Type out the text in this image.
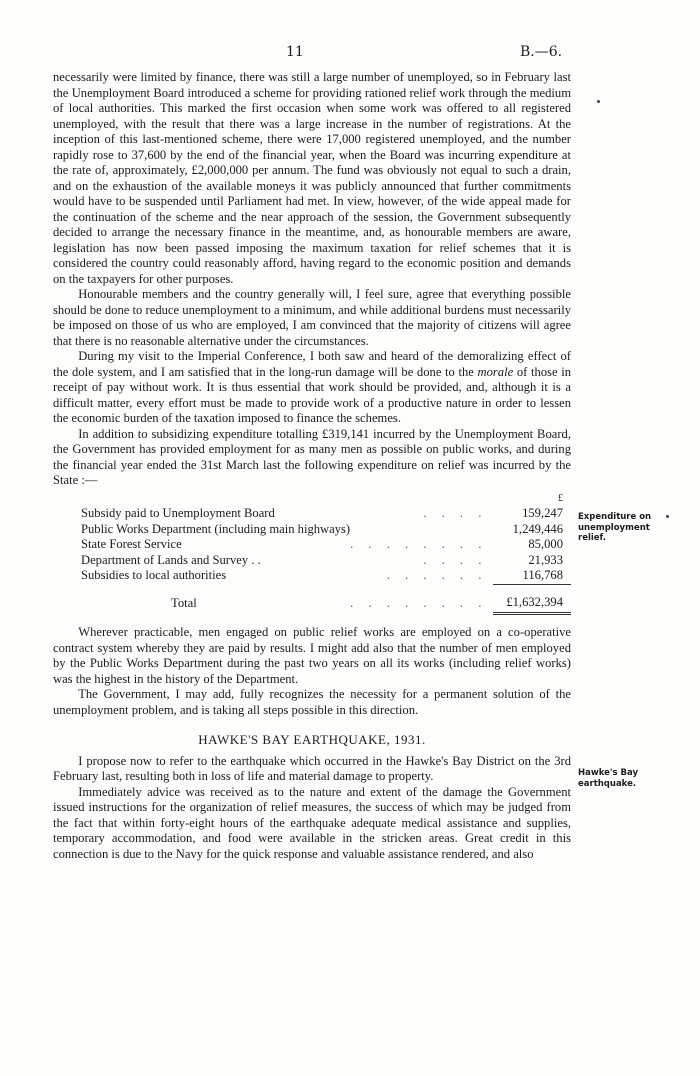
11	B.—6.

necessarily were limited by finance, there was still a large number of unemployed, so in February last the Unemployment Board introduced a scheme for providing rationed relief work through the medium of local authorities. This marked the first occasion when some work was offered to all registered unemployed, with the result that there was a large increase in the number of registrations. At the inception of this last-mentioned scheme, there were 17,000 registered unemployed, and the number rapidly rose to 37,600 by the end of the financial year, when the Board was incurring expenditure at the rate of, approximately, £2,000,000 per annum. The fund was obviously not equal to such a drain, and on the exhaustion of the available moneys it was publicly announced that further commitments would have to be suspended until Parliament had met. In view, however, of the wide appeal made for the continuation of the scheme and the near approach of the session, the Government subsequently decided to arrange the necessary finance in the meantime, and, as honourable members are aware, legislation has now been passed imposing the maximum taxation for relief schemes that it is considered the country could reasonably afford, having regard to the economic position and demands on the taxpayers for other purposes.

Honourable members and the country generally will, I feel sure, agree that everything possible should be done to reduce unemployment to a minimum, and while additional burdens must necessarily be imposed on those of us who are employed, I am convinced that the majority of citizens will agree that there is no reasonable alternative under the circumstances.

During my visit to the Imperial Conference, I both saw and heard of the demoralizing effect of the dole system, and I am satisfied that in the long-run damage will be done to the morale of those in receipt of pay without work. It is thus essential that work should be provided, and, although it is a difficult matter, every effort must be made to provide work of a productive nature in order to lessen the economic burden of the taxation imposed to finance the schemes.

In addition to subsidizing expenditure totalling £319,141 incurred by the Unemployment Board, the Government has provided employment for as many men as possible on public works, and during the financial year ended the 31st March last the following expenditure on relief was incurred by the State :—

		£
Subsidy paid to Unemployment Board	. . . .	159,247
Public Works Department (including main highways)		1,249,446
State Forest Service	. . . . . . . .	85,000
Department of Lands and Survey . .	. . . .	21,933
Subsidies to local authorities	. . . . . .	116,768
Total	. . . . . . . .	£1,632,394

Wherever practicable, men engaged on public relief works are employed on a co-operative contract system whereby they are paid by results. I might add also that the number of men employed by the Public Works Department during the past two years on all its works (including relief works) was the highest in the history of the Department.

The Government, I may add, fully recognizes the necessity for a permanent solution of the unemployment problem, and is taking all steps possible in this direction.

HAWKE'S BAY EARTHQUAKE, 1931.

I propose now to refer to the earthquake which occurred in the Hawke's Bay District on the 3rd February last, resulting both in loss of life and material damage to property.

Immediately advice was received as to the nature and extent of the damage the Government issued instructions for the organization of relief measures, the success of which may be judged from the fact that within forty-eight hours of the earthquake adequate medical assistance and supplies, temporary accommodation, and food were available in the stricken areas. Great credit in this connection is due to the Navy for the quick response and valuable assistance rendered, and also

Expenditure on unemployment relief.
Hawke's Bay earthquake.
